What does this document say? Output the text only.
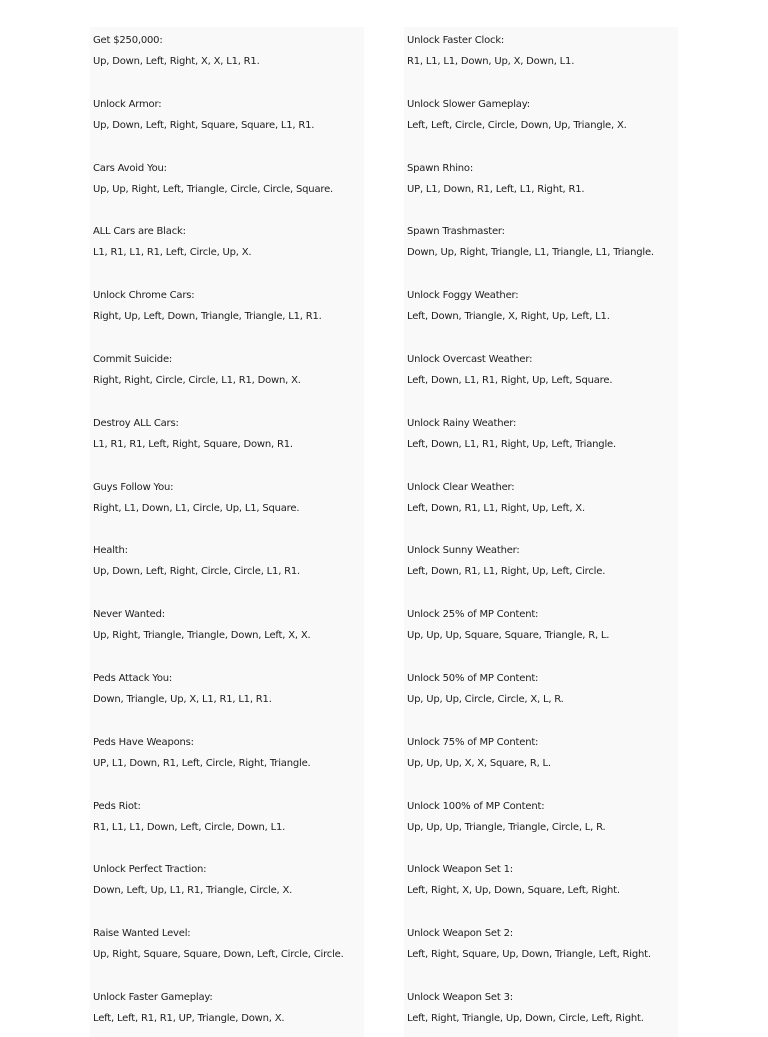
Get $250,000:
Up, Down, Left, Right, X, X, L1, R1.
Unlock Armor:
Up, Down, Left, Right, Square, Square, L1, R1.
Cars Avoid You:
Up, Up, Right, Left, Triangle, Circle, Circle, Square.
ALL Cars are Black:
L1, R1, L1, R1, Left, Circle, Up, X.
Unlock Chrome Cars:
Right, Up, Left, Down, Triangle, Triangle, L1, R1.
Commit Suicide:
Right, Right, Circle, Circle, L1, R1, Down, X.
Destroy ALL Cars:
L1, R1, R1, Left, Right, Square, Down, R1.
Guys Follow You:
Right, L1, Down, L1, Circle, Up, L1, Square.
Health:
Up, Down, Left, Right, Circle, Circle, L1, R1.
Never Wanted:
Up, Right, Triangle, Triangle, Down, Left, X, X.
Peds Attack You:
Down, Triangle, Up, X, L1, R1, L1, R1.
Peds Have Weapons:
UP, L1, Down, R1, Left, Circle, Right, Triangle.
Peds Riot:
R1, L1, L1, Down, Left, Circle, Down, L1.
Unlock Perfect Traction:
Down, Left, Up, L1, R1, Triangle, Circle, X.
Raise Wanted Level:
Up, Right, Square, Square, Down, Left, Circle, Circle.
Unlock Faster Gameplay:
Left, Left, R1, R1, UP, Triangle, Down, X.
Unlock Faster Clock:
R1, L1, L1, Down, Up, X, Down, L1.
Unlock Slower Gameplay:
Left, Left, Circle, Circle, Down, Up, Triangle, X.
Spawn Rhino:
UP, L1, Down, R1, Left, L1, Right, R1.
Spawn Trashmaster:
Down, Up, Right, Triangle, L1, Triangle, L1, Triangle.
Unlock Foggy Weather:
Left, Down, Triangle, X, Right, Up, Left, L1.
Unlock Overcast Weather:
Left, Down, L1, R1, Right, Up, Left, Square.
Unlock Rainy Weather:
Left, Down, L1, R1, Right, Up, Left, Triangle.
Unlock Clear Weather:
Left, Down, R1, L1, Right, Up, Left, X.
Unlock Sunny Weather:
Left, Down, R1, L1, Right, Up, Left, Circle.
Unlock 25% of MP Content:
Up, Up, Up, Square, Square, Triangle, R, L.
Unlock 50% of MP Content:
Up, Up, Up, Circle, Circle, X, L, R.
Unlock 75% of MP Content:
Up, Up, Up, X, X, Square, R, L.
Unlock 100% of MP Content:
Up, Up, Up, Triangle, Triangle, Circle, L, R.
Unlock Weapon Set 1:
Left, Right, X, Up, Down, Square, Left, Right.
Unlock Weapon Set 2:
Left, Right, Square, Up, Down, Triangle, Left, Right.
Unlock Weapon Set 3:
Left, Right, Triangle, Up, Down, Circle, Left, Right.
